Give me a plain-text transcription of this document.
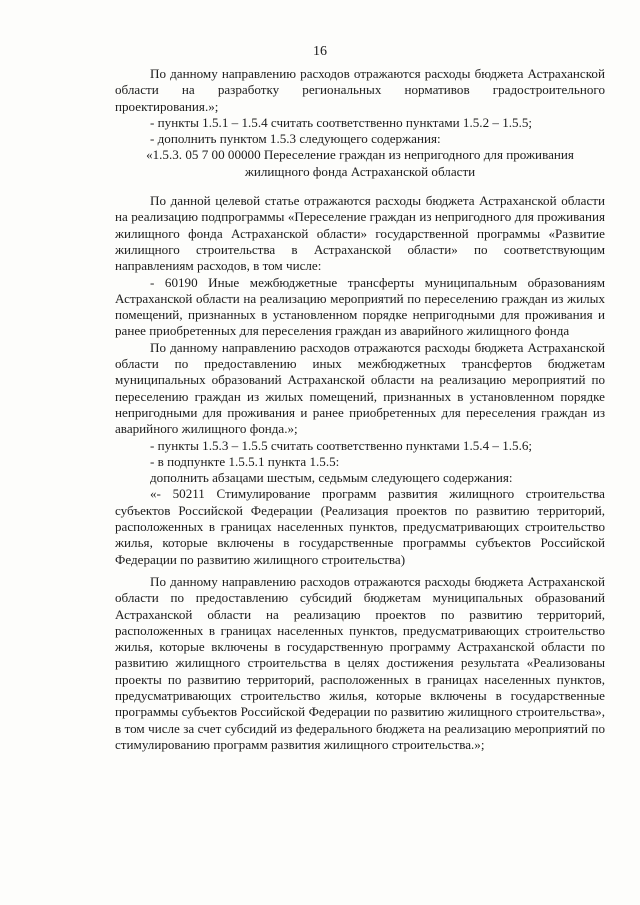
16

По данному направлению расходов отражаются расходы бюджета Астраханской области на разработку региональных нормативов градостроительного проектирования.»;

- пункты 1.5.1 – 1.5.4 считать соответственно пунктами 1.5.2 – 1.5.5;

- дополнить пунктом 1.5.3 следующего содержания:

«1.5.3. 05 7 00 00000 Переселение граждан из непригодного для проживания жилищного фонда Астраханской области

По данной целевой статье отражаются расходы бюджета Астраханской области на реализацию подпрограммы «Переселение граждан из непригодного для проживания жилищного фонда Астраханской области» государственной программы «Развитие жилищного строительства в Астраханской области» по соответствующим направлениям расходов, в том числе:

- 60190 Иные межбюджетные трансферты муниципальным образованиям Астраханской области на реализацию мероприятий по переселению граждан из жилых помещений, признанных в установленном порядке непригодными для проживания и ранее приобретенных для переселения граждан из аварийного жилищного фонда

По данному направлению расходов отражаются расходы бюджета Астраханской области по предоставлению иных межбюджетных трансфертов бюджетам муниципальных образований Астраханской области на реализацию мероприятий по переселению граждан из жилых помещений, признанных в установленном порядке непригодными для проживания и ранее приобретенных для переселения граждан из аварийного жилищного фонда.»;

- пункты 1.5.3 – 1.5.5 считать соответственно пунктами 1.5.4 – 1.5.6;

- в подпункте 1.5.5.1 пункта 1.5.5:

дополнить абзацами шестым, седьмым следующего содержания:

«- 50211 Стимулирование программ развития жилищного строительства субъектов Российской Федерации (Реализация проектов по развитию территорий, расположенных в границах населенных пунктов, предусматривающих строительство жилья, которые включены в государственные программы субъектов Российской Федерации по развитию жилищного строительства)

По данному направлению расходов отражаются расходы бюджета Астраханской области по предоставлению субсидий бюджетам муниципальных образований Астраханской области на реализацию проектов по развитию территорий, расположенных в границах населенных пунктов, предусматривающих строительство жилья, которые включены в государственную программу Астраханской области по развитию жилищного строительства в целях достижения результата «Реализованы проекты по развитию территорий, расположенных в границах населенных пунктов, предусматривающих строительство жилья, которые включены в государственные программы субъектов Российской Федерации по развитию жилищного строительства», в том числе за счет субсидий из федерального бюджета на реализацию мероприятий по стимулированию программ развития жилищного строительства.»;
